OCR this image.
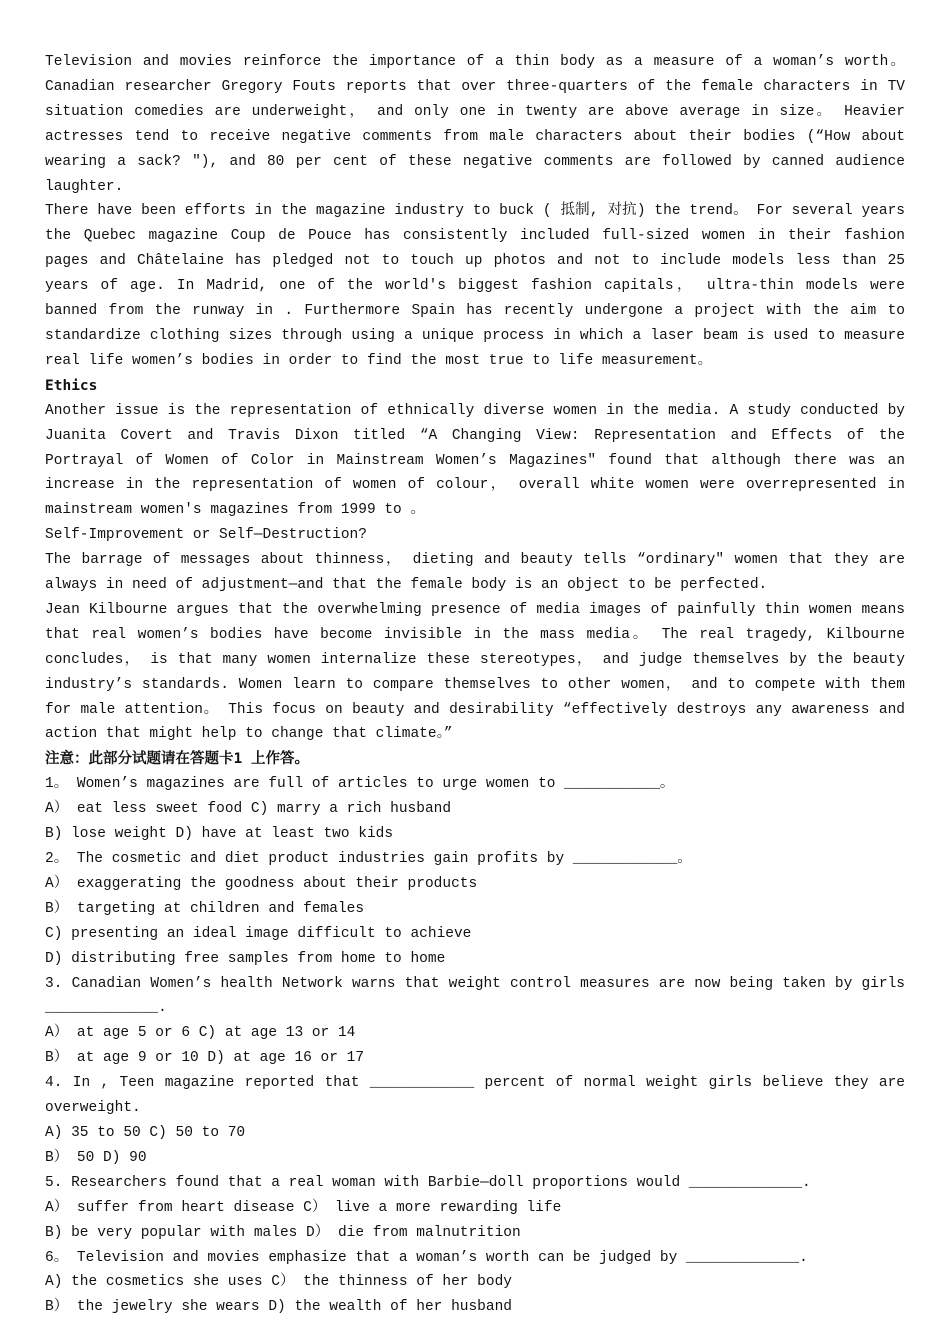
Television and movies reinforce the importance of a thin body as a measure of a woman’s worth。 Canadian researcher Gregory Fouts reports that over three-quarters of the female characters in TV situation comedies are underweight， and only one in twenty are above average in size。 Heavier actresses tend to receive negative comments from male characters about their bodies (“How about wearing a sack? "), and 80 per cent of these negative comments are followed by canned audience laughter.

There have been efforts in the magazine industry to buck ( 抵制, 对抗) the trend。 For several years the Quebec magazine Coup de Pouce has consistently included full-sized women in their fashion pages and Châtelaine has pledged not to touch up photos and not to include models less than 25 years of age. In Madrid, one of the world's biggest fashion capitals， ultra-thin models were banned from the runway in . Furthermore Spain has recently undergone a project with the aim to standardize clothing sizes through using a unique process in which a laser beam is used to measure real life women’s bodies in order to find the most true to life measurement。

Ethics

Another issue is the representation of ethnically diverse women in the media. A study conducted by Juanita Covert and Travis Dixon titled “A Changing View: Representation and Effects of the Portrayal of Women of Color in Mainstream Women’s Magazines" found that although there was an increase in the representation of women of colour， overall white women were overrepresented in mainstream women's magazines from 1999 to 。

Self-Improvement or Self—Destruction?

The barrage of messages about thinness， dieting and beauty tells “ordinary" women that they are always in need of adjustment—and that the female body is an object to be perfected.

Jean Kilbourne argues that the overwhelming presence of media images of painfully thin women means that real women’s bodies have become invisible in the mass media。 The real tragedy, Kilbourne concludes， is that many women internalize these stereotypes， and judge themselves by the beauty industry’s standards. Women learn to compare themselves to other women， and to compete with them for male attention。 This focus on beauty and desirability “effectively destroys any awareness and action that might help to change that climate。”

注意：此部分试题请在答题卡1 上作答。

1。 Women’s magazines are full of articles to urge women to ___________。

A） eat less sweet food C) marry a rich husband

B) lose weight D) have at least two kids

2。 The cosmetic and diet product industries gain profits by ____________。

A） exaggerating the goodness about their products

B） targeting at children and females

C) presenting an ideal image difficult to achieve

D) distributing free samples from home to home

3. Canadian Women’s health Network warns that weight control measures are now being taken by girls _____________.

A） at age 5 or 6 C) at age 13 or 14

B） at age 9 or 10 D) at age 16 or 17

4. In , Teen magazine reported that ____________ percent of normal weight girls believe they are overweight.

A) 35 to 50 C) 50 to 70

B） 50 D) 90

5. Researchers found that a real woman with Barbie—doll proportions would _____________.

A） suffer from heart disease C） live a more rewarding life

B) be very popular with males D） die from malnutrition

6。 Television and movies emphasize that a woman’s worth can be judged by _____________.

A) the cosmetics she uses C） the thinness of her body

B） the jewelry she wears D) the wealth of her husband
